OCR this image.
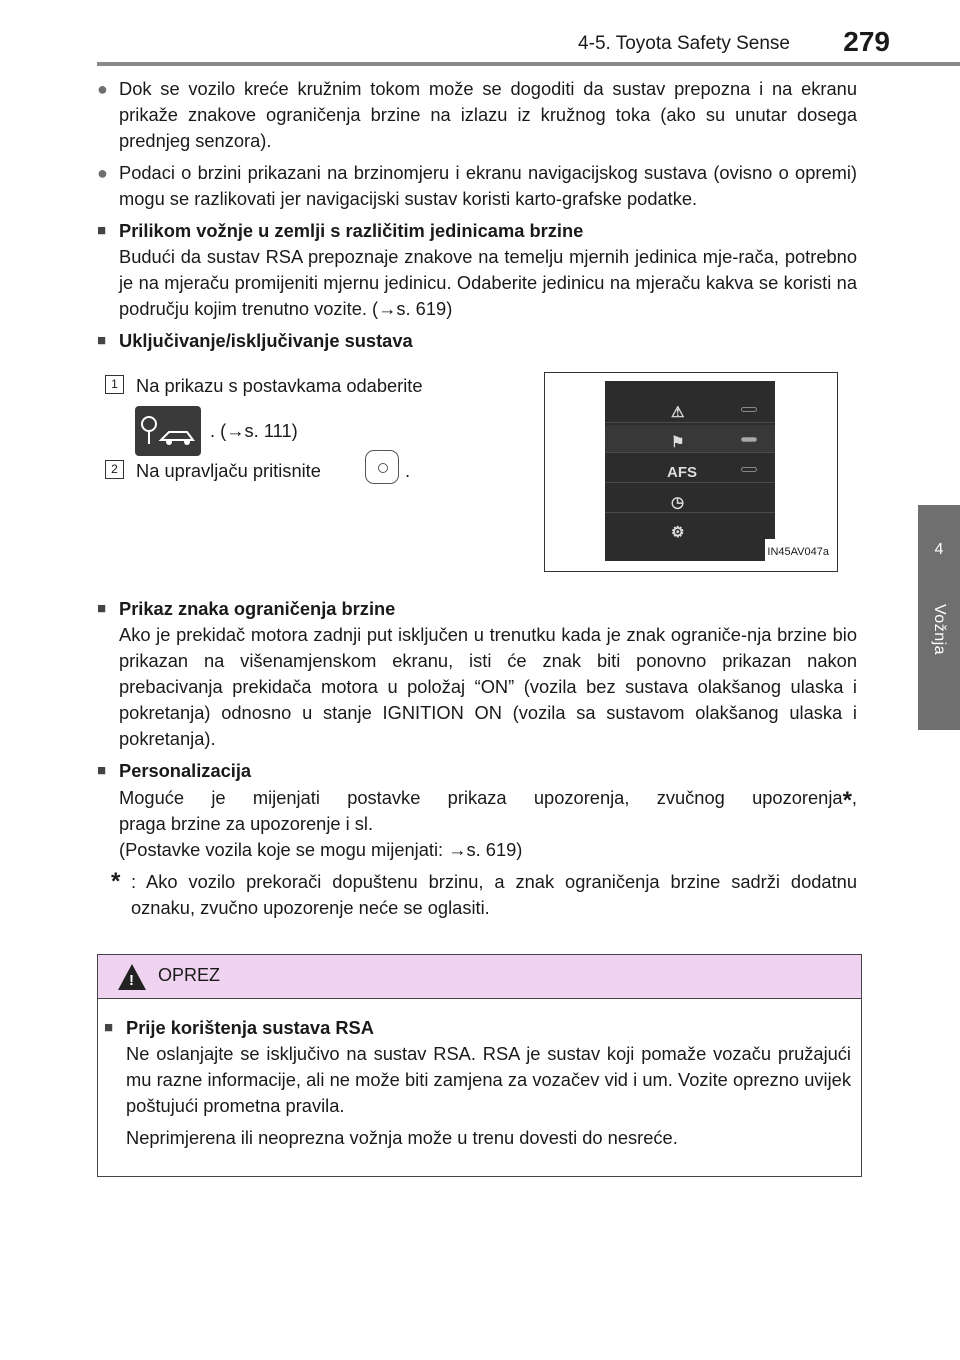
4-5. Toyota Safety Sense 279
4
Vožnja
● Dok se vozilo kreće kružnim tokom može se dogoditi da sustav prepozna i na ekranu prikaže znakove ograničenja brzine na izlazu iz kružnog toka (ako su unutar dosega prednjeg senzora).
● Podaci o brzini prikazani na brzinomjeru i ekranu navigacijskog sustava (ovisno o opremi) mogu se razlikovati jer navigacijski sustav koristi karto-grafske podatke.
■ Prilikom vožnje u zemlji s različitim jedinicama brzine
Budući da sustav RSA prepoznaje znakove na temelju mjernih jedinica mje-rača, potrebno je na mjeraču promijeniti mjernu jedinicu. Odaberite jedinicu na mjeraču kakva se koristi na području kojim trenutno vozite. (→s. 619)
■ Uključivanje/isključivanje sustava
1 Na prikazu s postavkama odaberite
. (→s. 111)
2 Na upravljaču pritisnite	.
⚠
⚑
AFS
◷
⚙
IN45AV047a
■ Prikaz znaka ograničenja brzine
Ako je prekidač motora zadnji put isključen u trenutku kada je znak ograniče-nja brzine bio prikazan na višenamjenskom ekranu, isti će znak biti ponovno prikazan nakon prebacivanja prekidača motora u položaj “ON” (vozila bez sustava olakšanog ulaska i pokretanja) odnosno u stanje IGNITION ON (vozila sa sustavom olakšanog ulaska i pokretanja).
■ Personalizacija
Moguće je mijenjati postavke prikaza upozorenja, zvučnog upozorenja*,
praga brzine za upozorenje i sl.
(Postavke vozila koje se mogu mijenjati: →s. 619)
* : Ako vozilo prekorači dopuštenu brzinu, a znak ograničenja brzine sadrži dodatnu oznaku, zvučno upozorenje neće se oglasiti.
! OPREZ
■ Prije korištenja sustava RSA
Ne oslanjajte se isključivo na sustav RSA. RSA je sustav koji pomaže vozaču pružajući mu razne informacije, ali ne može biti zamjena za vozačev vid i um. Vozite oprezno uvijek poštujući prometna pravila.
Neprimjerena ili neoprezna vožnja može u trenu dovesti do nesreće.
